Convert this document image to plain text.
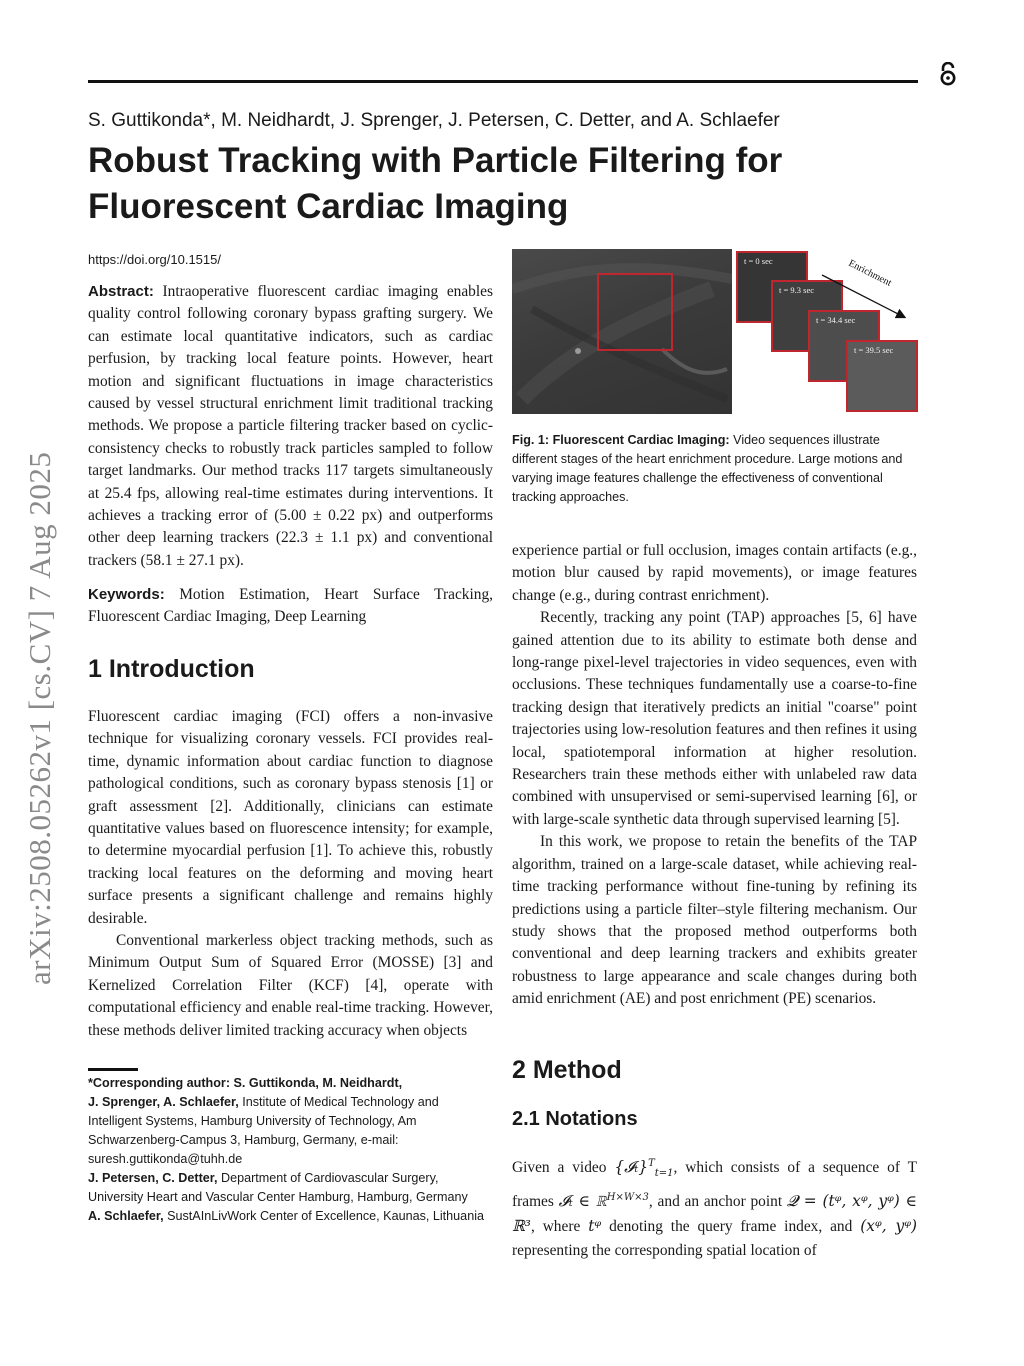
S. Guttikonda*, M. Neidhardt, J. Sprenger, J. Petersen, C. Detter, and A. Schlaefer
Robust Tracking with Particle Filtering for Fluorescent Cardiac Imaging
arXiv:2508.05262v1 [cs.CV] 7 Aug 2025
https://doi.org/10.1515/

Abstract: Intraoperative fluorescent cardiac imaging enables quality control following coronary bypass grafting surgery. We can estimate local quantitative indicators, such as cardiac perfusion, by tracking local feature points. However, heart motion and significant fluctuations in image characteristics caused by vessel structural enrichment limit traditional tracking methods. We propose a particle filtering tracker based on cyclic-consistency checks to robustly track particles sampled to follow target landmarks. Our method tracks 117 targets simultaneously at 25.4 fps, allowing real-time estimates during interventions. It achieves a tracking error of (5.00 ± 0.22 px) and outperforms other deep learning trackers (22.3 ± 1.1 px) and conventional trackers (58.1 ± 27.1 px).

Keywords: Motion Estimation, Heart Surface Tracking, Fluorescent Cardiac Imaging, Deep Learning

1 Introduction

Fluorescent cardiac imaging (FCI) offers a non-invasive technique for visualizing coronary vessels. FCI provides real-time, dynamic information about cardiac function to diagnose pathological conditions, such as coronary bypass stenosis [1] or graft assessment [2]. Additionally, clinicians can estimate quantitative values based on fluorescence intensity; for example, to determine myocardial perfusion [1]. To achieve this, robustly tracking local features on the deforming and moving heart surface presents a significant challenge and remains highly desirable.

Conventional markerless object tracking methods, such as Minimum Output Sum of Squared Error (MOSSE) [3] and Kernelized Correlation Filter (KCF) [4], operate with computational efficiency and enable real-time tracking. However, these methods deliver limited tracking accuracy when objects

*Corresponding author: S. Guttikonda, M. Neidhardt,

J. Sprenger, A. Schlaefer, Institute of Medical Technology and Intelligent Systems, Hamburg University of Technology, Am Schwarzenberg-Campus 3, Hamburg, Germany, e-mail: suresh.guttikonda@tuhh.de

J. Petersen, C. Detter, Department of Cardiovascular Surgery, University Heart and Vascular Center Hamburg, Hamburg, Germany

A. Schlaefer, SustAInLivWork Center of Excellence, Kaunas, Lithuania

t = 0 sec
t = 9.3 sec
t = 34.4 sec
t = 39.5 sec
Enrichment
Fig. 1: Fluorescent Cardiac Imaging: Video sequences illustrate different stages of the heart enrichment procedure. Large motions and varying image features challenge the effectiveness of conventional tracking approaches.

experience partial or full occlusion, images contain artifacts (e.g., motion blur caused by rapid movements), or image features change (e.g., during contrast enrichment).

Recently, tracking any point (TAP) approaches [5, 6] have gained attention due to its ability to estimate both dense and long-range pixel-level trajectories in video sequences, even with occlusions. These techniques fundamentally use a coarse-to-fine tracking design that iteratively predicts an initial "coarse" point trajectories using low-resolution features and then refines it using local, spatiotemporal information at higher resolution. Researchers train these methods either with unlabeled raw data combined with unsupervised or semi-supervised learning [6], or with large-scale synthetic data through supervised learning [5].

In this work, we propose to retain the benefits of the TAP algorithm, trained on a large-scale dataset, while achieving real-time tracking performance without fine-tuning by refining its predictions using a particle filter–style filtering mechanism. Our study shows that the proposed method outperforms both conventional and deep learning trackers and exhibits greater robustness to large appearance and scale changes during both amid enrichment (AE) and post enrichment (PE) scenarios.

2 Method
2.1 Notations

Given a video {𝓘ₜ}$^T_{t=1}$, which consists of a sequence of T frames 𝓘ₜ ∈ ℝ$^{H\times W\times 3}$, and an anchor point 𝓠 = (tᵠ, xᵠ, yᵠ) ∈ ℝ³, where tᵠ denoting the query frame index, and (xᵠ, yᵠ) representing the corresponding spatial location of
